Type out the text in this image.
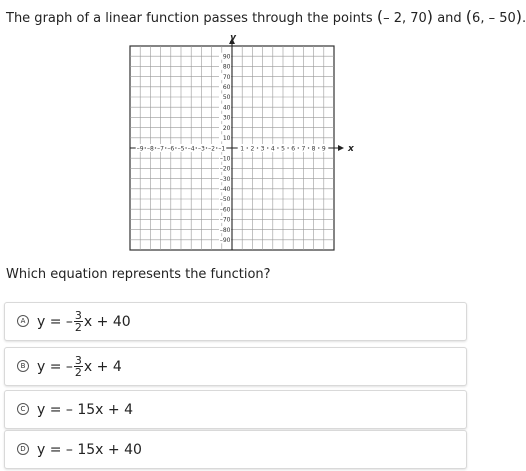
The graph of a linear function passes through the points (– 2, 70) and (6, – 50).
y
x
–9 –8 –7 –6 –5 –4 –3 –2 –1	1 2 3 4 5 6 7 8 9
90
80
70
60
50
40
30
20
10
–10
–20
–30
–40
–50
–60
–70
–80
–90
Which equation represents the function?
A y = – $\frac{3}{2}$ x + 40
B y = – $\frac{3}{2}$ x + 4
C y = – 15x + 4
D y = – 15x + 40
